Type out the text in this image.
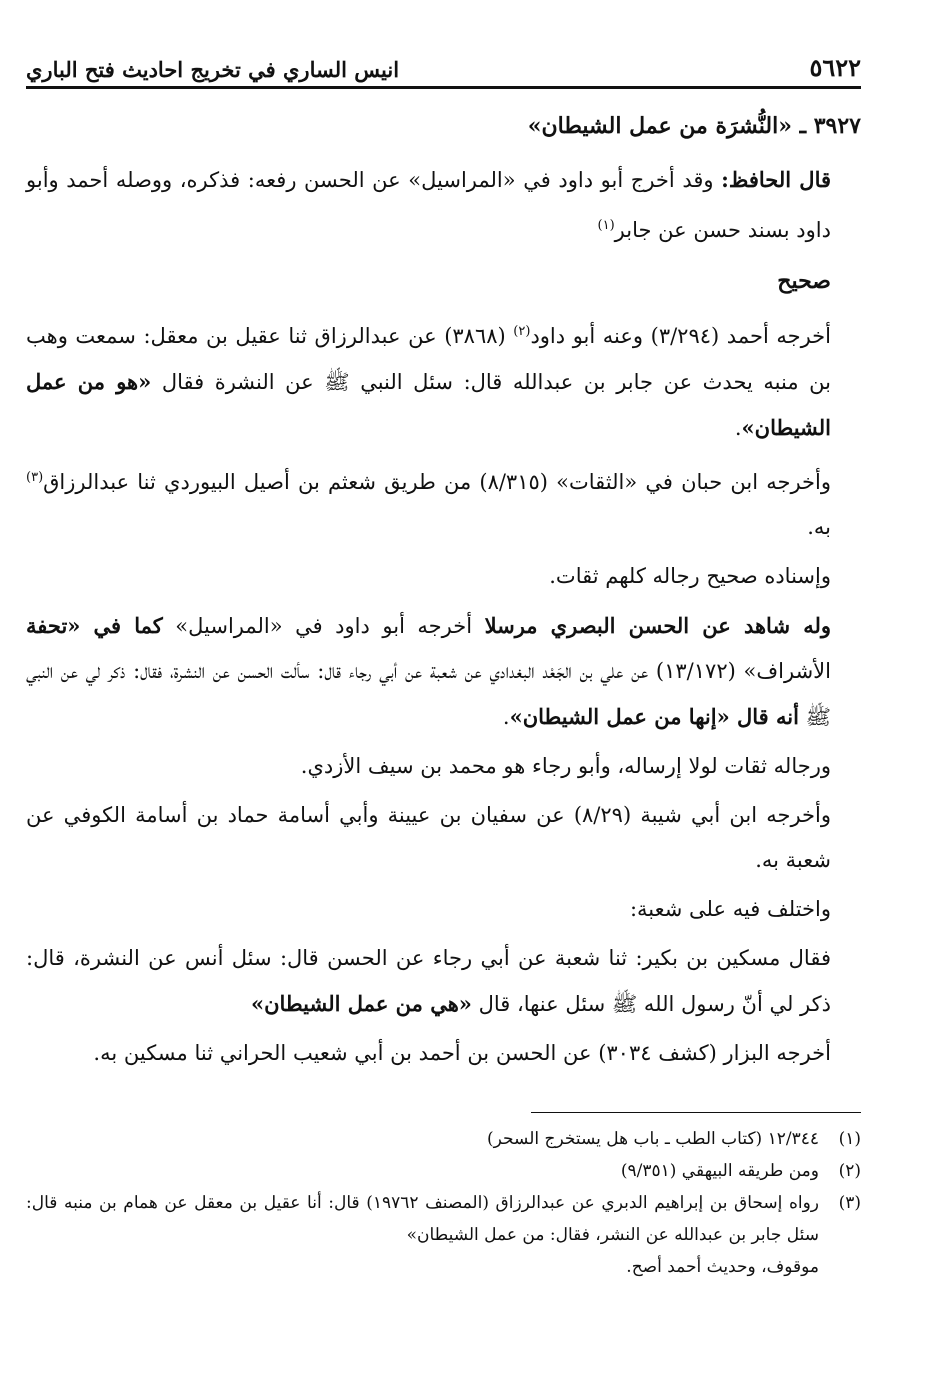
٥٦٢٢
انيس الساري في تخريج احاديث فتح الباري
٣٩٢٧ ـ «النُّشرَة من عمل الشيطان»

قال الحافظ: وقد أخرج أبو داود في «المراسيل» عن الحسن رفعه: فذكره، ووصله أحمد وأبو داود بسند حسن عن جابر$^{(١)}$

صحيح

أخرجه أحمد (٣/٢٩٤) وعنه أبو داود$^{(٢)}$ (٣٨٦٨) عن عبدالرزاق ثنا عقيل بن معقل: سمعت وهب بن منبه يحدث عن جابر بن عبدالله قال: سئل النبي ﷺ عن النشرة فقال «هو من عمل الشيطان».

وأخرجه ابن حبان في «الثقات» (٨/٣١٥) من طريق شعثم بن أصيل البيوردي ثنا عبدالرزاق$^{(٣)}$ به.

وإسناده صحيح رجاله كلهم ثقات.

وله شاهد عن الحسن البصري مرسلا أخرجه أبو داود في «المراسيل» كما في «تحفة الأشراف» (١٣/١٧٢) عن علي بن الجَعْد البغدادي عن شعبة عن أبي رجاء قال: سألت الحسن عن النشرة، فقال: ذكر لي عن النبي ﷺ أنه قال «إنها من عمل الشيطان».

ورجاله ثقات لولا إرساله، وأبو رجاء هو محمد بن سيف الأزدي.

وأخرجه ابن أبي شيبة (٨/٢٩) عن سفيان بن عيينة وأبي أسامة حماد بن أسامة الكوفي عن شعبة به.

واختلف فيه على شعبة:

فقال مسكين بن بكير: ثنا شعبة عن أبي رجاء عن الحسن قال: سئل أنس عن النشرة، قال: ذكر لي أنّ رسول الله ﷺ سئل عنها، قال «هي من عمل الشيطان»

أخرجه البزار (كشف ٣٠٣٤) عن الحسن بن أحمد بن أبي شعيب الحراني ثنا مسكين به.

(١)
١٢/٣٤٤ (كتاب الطب ـ باب هل يستخرج السحر)
(٢)
ومن طريقه البيهقي (٩/٣٥١)
(٣)
رواه إسحاق بن إبراهيم الدبري عن عبدالرزاق (المصنف ١٩٧٦٢) قال: أنا عقيل بن معقل عن همام بن منبه قال: سئل جابر بن عبدالله عن النشر، فقال: من عمل الشيطان»
موقوف، وحديث أحمد أصح.
